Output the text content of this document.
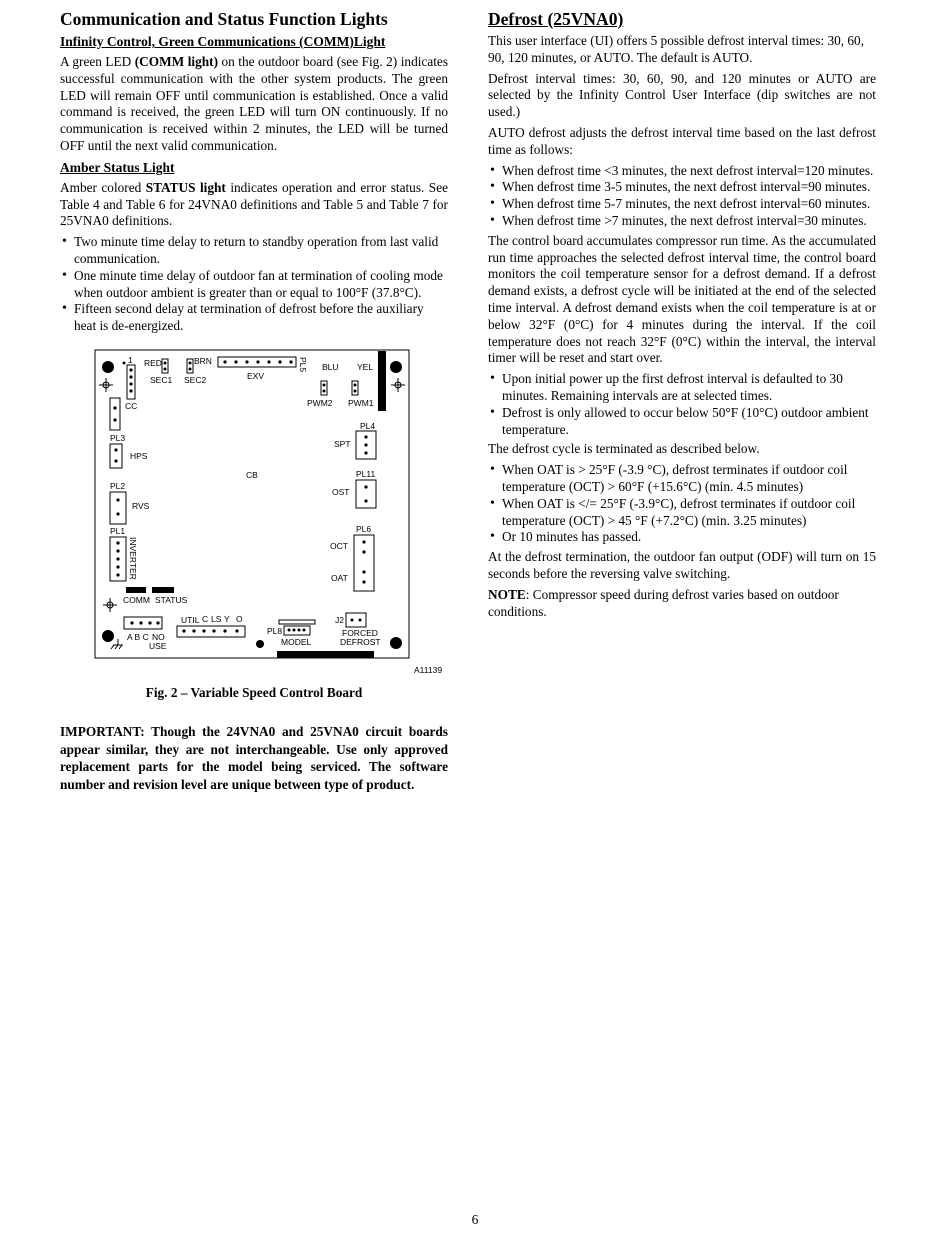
Communication and Status Function Lights
Infinity Control, Green Communications (COMM)Light

A green LED (COMM light) on the outdoor board (see Fig. 2) indicates successful communication with the other system products. The green LED will remain OFF until communication is established. Once a valid command is received, the green LED will turn ON continuously. If no communication is received within 2 minutes, the LED will be turned OFF until the next valid communication.

Amber Status Light

Amber colored STATUS light indicates operation and error status. See Table 4 and Table 6 for 24VNA0 definitions and Table 5 and Table 7 for 25VNA0 definitions.

• Two minute time delay to return to standby operation from last valid communication.
• One minute time delay of outdoor fan at termination of cooling mode when outdoor ambient is greater than or equal to 100°F (37.8°C).
• Fifteen second delay at termination of defrost before the auxiliary heat is de-energized.
1 RED
SEC1
BRN
SEC2	EXV
PL5 BLU
PWM2
YEL
PWM1
CC
PL3
HPS
PL4
SPT
PL2
RVS
CB	PL11
OST
PL1
INVERTER
PL6
OCT
OAT
COMM STATUS
A B C NO
USE
UTIL C LS Y O
PL8
MODEL
J2
FORCED
DEFROST
A11139
Fig. 2 – Variable Speed Control Board
IMPORTANT: Though the 24VNA0 and 25VNA0 circuit boards appear similar, they are not interchangeable. Use only approved replacement parts for the model being serviced. The software number and revision level are unique between type of product.
Defrost (25VNA0)

This user interface (UI) offers 5 possible defrost interval times: 30, 60, 90, 120 minutes, or AUTO. The default is AUTO.

Defrost interval times: 30, 60, 90, and 120 minutes or AUTO are selected by the Infinity Control User Interface (dip switches are not used.)

AUTO defrost adjusts the defrost interval time based on the last defrost time as follows:

• When defrost time <3 minutes, the next defrost interval=120 minutes.
• When defrost time 3-5 minutes, the next defrost interval=90 minutes.
• When defrost time 5-7 minutes, the next defrost interval=60 minutes.
• When defrost time >7 minutes, the next defrost interval=30 minutes.

The control board accumulates compressor run time. As the accumulated run time approaches the selected defrost interval time, the control board monitors the coil temperature sensor for a defrost demand. If a defrost demand exists, a defrost cycle will be initiated at the end of the selected time interval. A defrost demand exists when the coil temperature is at or below 32°F (0°C) for 4 minutes during the interval. If the coil temperature does not reach 32°F (0°C) within the interval, the interval timer will be reset and start over.

• Upon initial power up the first defrost interval is defaulted to 30 minutes. Remaining intervals are at selected times.
• Defrost is only allowed to occur below 50°F (10°C) outdoor ambient temperature.

The defrost cycle is terminated as described below.

• When OAT is > 25°F (-3.9 °C), defrost terminates if outdoor coil temperature (OCT) > 60°F (+15.6°C) (min. 4.5 minutes)
• When OAT is </= 25°F (-3.9°C), defrost terminates if outdoor coil temperature (OCT) > 45 °F (+7.2°C) (min. 3.25 minutes)
• Or 10 minutes has passed.

At the defrost termination, the outdoor fan output (ODF) will turn on 15 seconds before the reversing valve switching.

NOTE: Compressor speed during defrost varies based on outdoor conditions.

6
